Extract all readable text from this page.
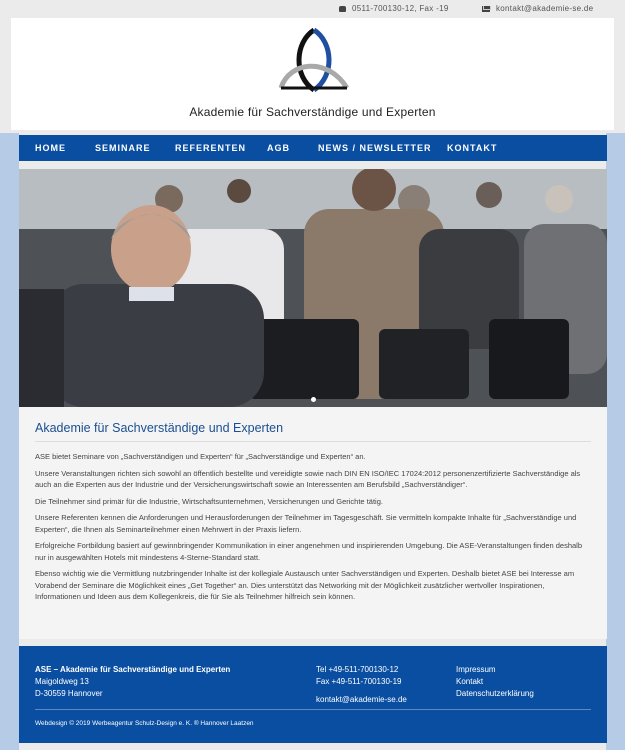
0511-700130-12, Fax -19	kontakt@akademie-se.de
Akademie für Sachverständige und Experten
HOME	SEMINARE	REFERENTEN AGB	NEWS / NEWSLETTER KONTAKT
Akademie für Sachverständige und Experten

ASE bietet Seminare von „Sachverständigen und Experten“ für „Sachverständige und Experten“ an.

Unsere Veranstaltungen richten sich sowohl an öffentlich bestellte und vereidigte sowie nach DIN EN ISO/IEC 17024:2012 personenzertifizierte Sachverständige als auch an die Experten aus der Industrie und der Versicherungswirtschaft sowie an Interessenten am Berufsbild „Sachverständiger“.

Die Teilnehmer sind primär für die Industrie, Wirtschaftsunternehmen, Versicherungen und Gerichte tätig.

Unsere Referenten kennen die Anforderungen und Herausforderungen der Teilnehmer im Tagesgeschäft. Sie vermitteln kompakte Inhalte für „Sachverständige und Experten“, die Ihnen als Seminarteilnehmer einen Mehrwert in der Praxis liefern.

Erfolgreiche Fortbildung basiert auf gewinnbringender Kommunikation in einer angenehmen und inspirierenden Umgebung. Die ASE-Veranstaltungen finden deshalb nur in ausgewählten Hotels mit mindestens 4-Sterne-Standard statt.

Ebenso wichtig wie die Vermittlung nutzbringender Inhalte ist der kollegiale Austausch unter Sachverständigen und Experten. Deshalb bietet ASE bei Interesse am Vorabend der Seminare die Möglichkeit eines „Get Together“ an. Dies unterstützt das Networking mit der Möglichkeit zusätzlicher wertvoller Inspirationen, Informationen und Ideen aus dem Kollegenkreis, die für Sie als Teilnehmer hilfreich sein können.

ASE – Akademie für Sachverständige und Experten
Maigoldweg 13
D-30559 Hannover
Tel +49-511-700130-12
Fax +49-511-700130-19
kontakt@akademie-se.de
Impressum
Kontakt
Datenschutzerklärung
Webdesign © 2019 Werbeagentur Schulz-Design e. K. ® Hannover Laatzen
